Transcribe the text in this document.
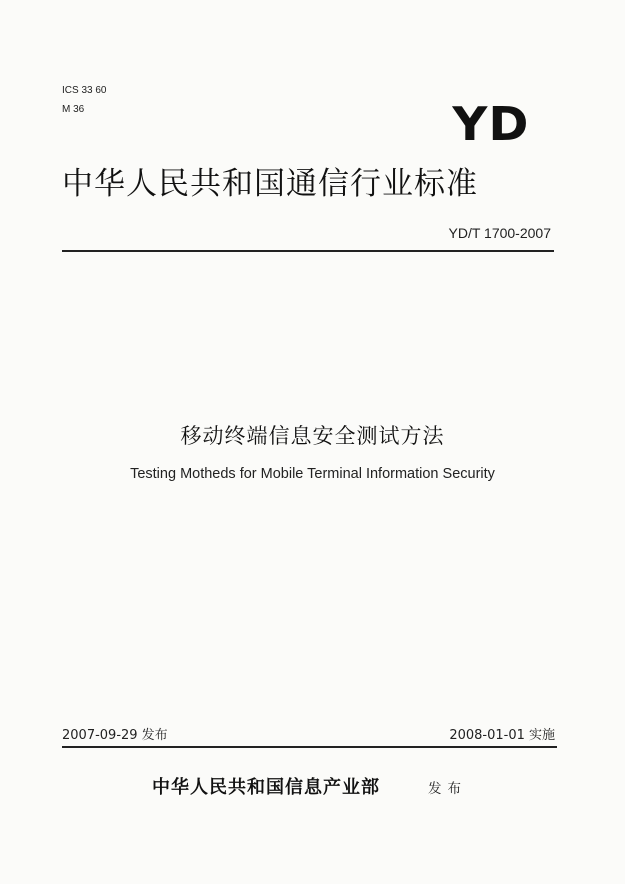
ICS 33 60
M 36	YD
中华人民共和国通信行业标准
YD/T 1700-2007
移动终端信息安全测试方法
Testing Motheds for Mobile Terminal Information Security
2007-09-29 发布	2008-01-01 实施
中华人民共和国信息产业部	发布
